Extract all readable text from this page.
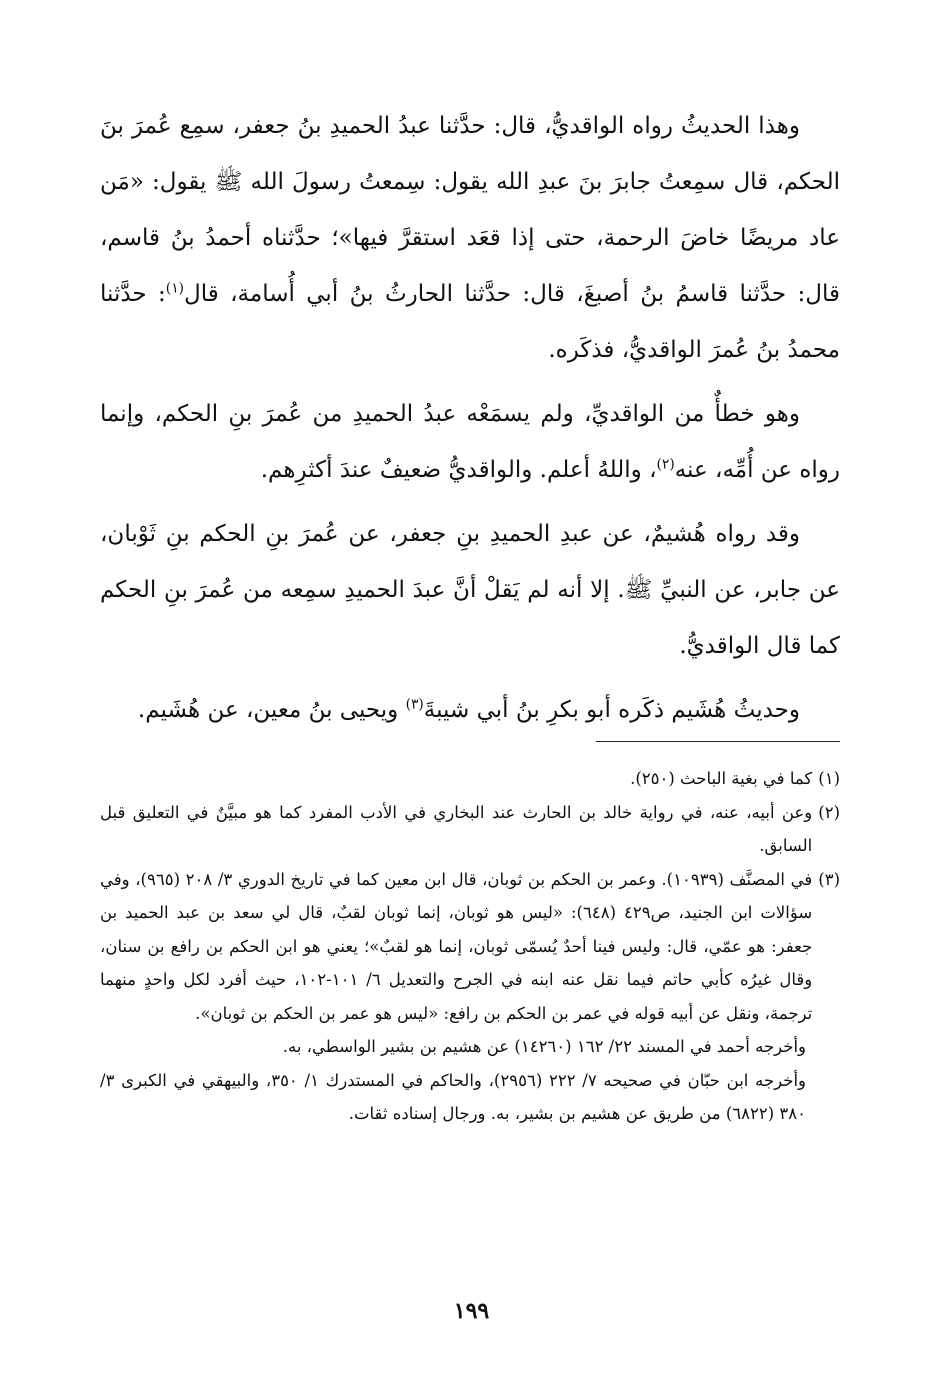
وهذا الحديثُ رواه الواقديُّ، قال: حدَّثنا عبدُ الحميدِ بنُ جعفر، سمِع عُمرَ بنَ الحكم، قال سمِعتُ جابرَ بنَ عبدِ الله يقول: سِمعتُ رسولَ الله ﷺ يقول: «مَن عاد مريضًا خاضَ الرحمة، حتى إذا قعَد استقرَّ فيها»؛ حدَّثناه أحمدُ بنُ قاسم، قال: حدَّثنا قاسمُ بنُ أصبغَ، قال: حدَّثنا الحارثُ بنُ أبي أُسامة، قال$^{(١)}$: حدَّثنا محمدُ بنُ عُمرَ الواقديُّ، فذكَره.

وهو خطأٌ من الواقديِّ، ولم يسمَعْه عبدُ الحميدِ من عُمرَ بنِ الحكم، وإنما رواه عن أُمِّه، عنه$^{(٢)}$، واللهُ أعلم. والواقديُّ ضعيفٌ عندَ أكثرِهم.

وقد رواه هُشيمٌ، عن عبدِ الحميدِ بنِ جعفر، عن عُمرَ بنِ الحكم بنِ ثَوْبان، عن جابر، عن النبيِّ ﷺ. إلا أنه لم يَقلْ أنَّ عبدَ الحميدِ سمِعه من عُمرَ بنِ الحكم كما قال الواقديُّ.

وحديثُ هُشَيم ذكَره أبو بكرِ بنُ أبي شيبةَ$^{(٣)}$ ويحيى بنُ معين، عن هُشَيم.

(١)
كما في بغية الباحث (٢٥٠).
(٢)
وعن أبيه، عنه، في رواية خالد بن الحارث عند البخاري في الأدب المفرد كما هو مبيَّنٌ في التعليق قبل السابق.
(٣)
في المصنَّف (١٠٩٣٩). وعمر بن الحكم بن ثوبان، قال ابن معين كما في تاريخ الدوري ٣/ ٢٠٨ (٩٦٥)، وفي سؤالات ابن الجنيد، ص٤٢٩ (٦٤٨): «ليس هو ثوبان، إنما ثوبان لقبٌ، قال لي سعد بن عبد الحميد بن جعفر: هو عمّي، قال: وليس فينا أحدٌ يُسمّى ثوبان، إنما هو لقبٌ»؛ يعني هو ابن الحكم بن رافع بن سنان، وقال غيرُه كأبي حاتم فيما نقل عنه ابنه في الجرح والتعديل ٦/ ١٠١-١٠٢، حيث أفرد لكل واحدٍ منهما ترجمة، ونقل عن أبيه قوله في عمر بن الحكم بن رافع: «ليس هو عمر بن الحكم بن ثوبان».

وأخرجه أحمد في المسند ٢٢/ ١٦٢ (١٤٢٦٠) عن هشيم بن بشير الواسطي، به.

وأخرجه ابن حبّان في صحيحه ٧/ ٢٢٢ (٢٩٥٦)، والحاكم في المستدرك ١/ ٣٥٠، والبيهقي في الكبرى ٣/ ٣٨٠ (٦٨٢٢) من طريق عن هشيم بن بشير، به. ورجال إسناده ثقات.

١٩٩
